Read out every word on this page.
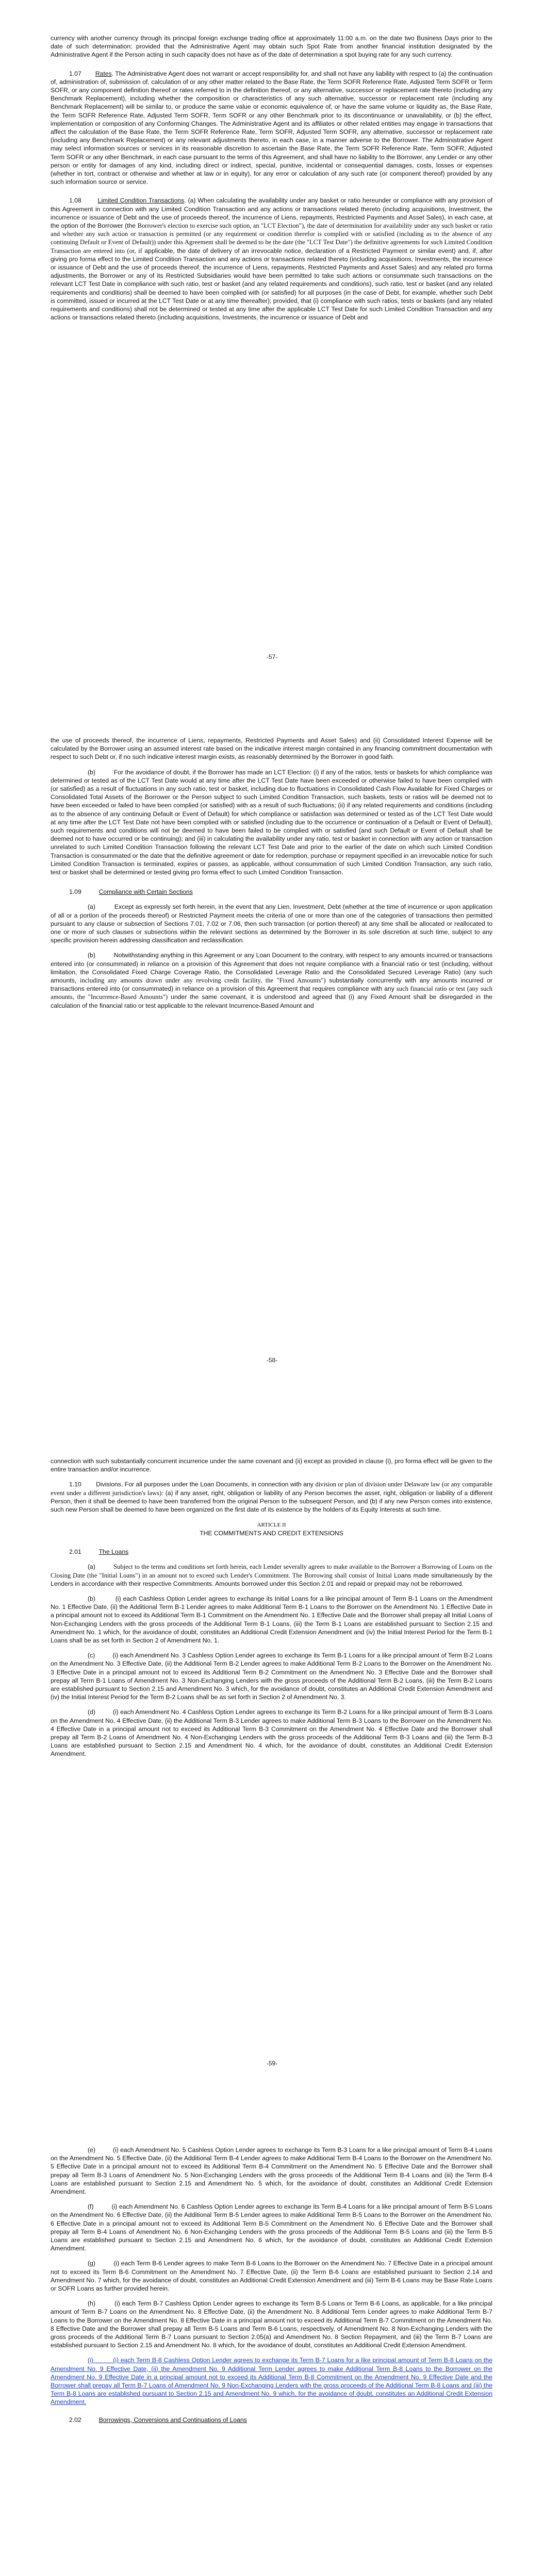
currency with another currency through its principal foreign exchange trading office at approximately 11:00 a.m. on the date two Business Days prior to the date of such determination; provided that the Administrative Agent may obtain such Spot Rate from another financial institution designated by the Administrative Agent if the Person acting in such capacity does not have as of the date of determination a spot buying rate for any such currency.

1.07 Rates. The Administrative Agent does not warrant or accept responsibility for, and shall not have any liability with respect to (a) the continuation of, administration of, submission of, calculation of or any other matter related to the Base Rate, the Term SOFR Reference Rate, Adjusted Term SOFR or Term SOFR, or any component definition thereof or rates referred to in the definition thereof, or any alternative, successor or replacement rate thereto (including any Benchmark Replacement), including whether the composition or characteristics of any such alternative, successor or replacement rate (including any Benchmark Replacement) will be similar to, or produce the same value or economic equivalence of, or have the same volume or liquidity as, the Base Rate, the Term SOFR Reference Rate, Adjusted Term SOFR, Term SOFR or any other Benchmark prior to its discontinuance or unavailability, or (b) the effect, implementation or composition of any Conforming Changes. The Administrative Agent and its affiliates or other related entities may engage in transactions that affect the calculation of the Base Rate, the Term SOFR Reference Rate, Term SOFR, Adjusted Term SOFR, any alternative, successor or replacement rate (including any Benchmark Replacement) or any relevant adjustments thereto, in each case, in a manner adverse to the Borrower. The Administrative Agent may select information sources or services in its reasonable discretion to ascertain the Base Rate, the Term SOFR Reference Rate, Term SOFR, Adjusted Term SOFR or any other Benchmark, in each case pursuant to the terms of this Agreement, and shall have no liability to the Borrower, any Lender or any other person or entity for damages of any kind, including direct or indirect, special, punitive, incidental or consequential damages, costs, losses or expenses (whether in tort, contract or otherwise and whether at law or in equity), for any error or calculation of any such rate (or component thereof) provided by any such information source or service.

1.08	Limited Condition Transactions. (a) When calculating the availability under any basket or ratio hereunder or compliance with any provision of this Agreement in connection with any Limited Condition Transaction and any actions or transactions related thereto (including acquisitions, Investment, the incurrence or issuance of Debt and the use of proceeds thereof, the incurrence of Liens, repayments, Restricted Payments and Asset Sales), in each case, at the option of the Borrower (the Borrower's election to exercise such option, an "LCT Election"), the date of determination for availability under any such basket or ratio and whether any such action or transaction is permitted (or any requirement or condition therefor is complied with or satisfied (including as to the absence of any continuing Default or Event of Default)) under this Agreement shall be deemed to be the date (the "LCT Test Date") the definitive agreements for such Limited Condition Transaction are entered into (or, if applicable, the date of delivery of an irrevocable notice, declaration of a Restricted Payment or similar event) and, if, after giving pro forma effect to the Limited Condition Transaction and any actions or transactions related thereto (including acquisitions, Investments, the incurrence or issuance of Debt and the use of proceeds thereof, the incurrence of Liens, repayments, Restricted Payments and Asset Sales) and any related pro forma adjustments, the Borrower or any of its Restricted Subsidiaries would have been permitted to take such actions or consummate such transactions on the relevant LCT Test Date in compliance with such ratio, test or basket (and any related requirements and conditions), such ratio, test or basket (and any related requirements and conditions) shall be deemed to have been complied with (or satisfied) for all purposes (in the case of Debt, for example, whether such Debt is committed, issued or incurred at the LCT Test Date or at any time thereafter); provided, that (i) compliance with such ratios, tests or baskets (and any related requirements and conditions) shall not be determined or tested at any time after the applicable LCT Test Date for such Limited Condition Transaction and any actions or transactions related thereto (including acquisitions, Investments, the incurrence or issuance of Debt and

-57-

the use of proceeds thereof, the incurrence of Liens, repayments, Restricted Payments and Asset Sales) and (ii) Consolidated Interest Expense will be calculated by the Borrower using an assumed interest rate based on the indicative interest margin contained in any financing commitment documentation with respect to such Debt or, if no such indicative interest margin exists, as reasonably determined by the Borrower in good faith.

(b)	For the avoidance of doubt, if the Borrower has made an LCT Election: (i) if any of the ratios, tests or baskets for which compliance was determined or tested as of the LCT Test Date would at any time after the LCT Test Date have been exceeded or otherwise failed to have been complied with (or satisfied) as a result of fluctuations in any such ratio, test or basket, including due to fluctuations in Consolidated Cash Flow Available for Fixed Charges or Consolidated Total Assets of the Borrower or the Person subject to such Limited Condition Transaction, such baskets, tests or ratios will be deemed not to have been exceeded or failed to have been complied (or satisfied) with as a result of such fluctuations; (ii) if any related requirements and conditions (including as to the absence of any continuing Default or Event of Default) for which compliance or satisfaction was determined or tested as of the LCT Test Date would at any time after the LCT Test Date not have been complied with or satisfied (including due to the occurrence or continuation of a Default or Event of Default), such requirements and conditions will not be deemed to have been failed to be complied with or satisfied (and such Default or Event of Default shall be deemed not to have occurred or be continuing); and (iii) in calculating the availability under any ratio, test or basket in connection with any action or transaction unrelated to such Limited Condition Transaction following the relevant LCT Test Date and prior to the earlier of the date on which such Limited Condition Transaction is consummated or the date that the definitive agreement or date for redemption, purchase or repayment specified in an irrevocable notice for such Limited Condition Transaction is terminated, expires or passes, as applicable, without consummation of such Limited Condition Transaction, any such ratio, test or basket shall be determined or tested giving pro forma effect to such Limited Condition Transaction.

1.09	Compliance with Certain Sections

(a)	Except as expressly set forth herein, in the event that any Lien, Investment, Debt (whether at the time of incurrence or upon application of all or a portion of the proceeds thereof) or Restricted Payment meets the criteria of one or more than one of the categories of transactions then permitted pursuant to any clause or subsection of Sections 7.01, 7.02 or 7.06, then such transaction (or portion thereof) at any time shall be allocated or reallocated to one or more of such clauses or subsections within the relevant sections as determined by the Borrower in its sole discretion at such time, subject to any specific provision herein addressing classification and reclassification.

(b)	Notwithstanding anything in this Agreement or any Loan Document to the contrary, with respect to any amounts incurred or transactions entered into (or consummated) in reliance on a provision of this Agreement that does not require compliance with a financial ratio or test (including, without limitation, the Consolidated Fixed Charge Coverage Ratio, the Consolidated Leverage Ratio and the Consolidated Secured Leverage Ratio) (any such amounts, including any amounts drawn under any revolving credit facility, the "Fixed Amounts") substantially concurrently with any amounts incurred or transactions entered into (or consummated) in reliance on a provision of this Agreement that requires compliance with any such financial ratio or test (any such amounts, the "Incurrence-Based Amounts") under the same covenant, it is understood and agreed that (i) any Fixed Amount shall be disregarded in the calculation of the financial ratio or test applicable to the relevant Incurrence-Based Amount and

-58-

connection with such substantially concurrent incurrence under the same covenant and (ii) except as provided in clause (i), pro forma effect will be given to the entire transaction and/or incurrence.

1.10 Divisions. For all purposes under the Loan Documents, in connection with any division or plan of division under Delaware law (or any comparable event under a different jurisdiction's laws): (a) if any asset, right, obligation or liability of any Person becomes the asset, right, obligation or liability of a different Person, then it shall be deemed to have been transferred from the original Person to the subsequent Person, and (b) if any new Person comes into existence, such new Person shall be deemed to have been organized on the first date of its existence by the holders of its Equity Interests at such time.

ARTICLE II
THE COMMITMENTS AND CREDIT EXTENSIONS

2.01	The Loans

(a)	Subject to the terms and conditions set forth herein, each Lender severally agrees to make available to the Borrower a Borrowing of Loans on the Closing Date (the "Initial Loans") in an amount not to exceed such Lender's Commitment. The Borrowing shall consist of Initial Loans made simultaneously by the Lenders in accordance with their respective Commitments. Amounts borrowed under this Section 2.01 and repaid or prepaid may not be reborrowed.

(b)	(i) each Cashless Option Lender agrees to exchange its Initial Loans for a like principal amount of Term B-1 Loans on the Amendment No. 1 Effective Date, (ii) the Additional Term B-1 Lender agrees to make Additional Term B-1 Loans to the Borrower on the Amendment No. 1 Effective Date in a principal amount not to exceed its Additional Term B-1 Commitment on the Amendment No. 1 Effective Date and the Borrower shall prepay all Initial Loans of Non-Exchanging Lenders with the gross proceeds of the Additional Term B-1 Loans, (iii) the Term B-1 Loans are established pursuant to Section 2.15 and Amendment No. 1 which, for the avoidance of doubt, constitutes an Additional Credit Extension Amendment and (iv) the Initial Interest Period for the Term B-1 Loans shall be as set forth in Section 2 of Amendment No. 1.

(c)	(i) each Amendment No. 3 Cashless Option Lender agrees to exchange its Term B-1 Loans for a like principal amount of Term B-2 Loans on the Amendment No. 3 Effective Date, (ii) the Additional Term B-2 Lender agrees to make Additional Term B-2 Loans to the Borrower on the Amendment No. 3 Effective Date in a principal amount not to exceed its Additional Term B-2 Commitment on the Amendment No. 3 Effective Date and the Borrower shall prepay all Term B-1 Loans of Amendment No. 3 Non-Exchanging Lenders with the gross proceeds of the Additional Term B-2 Loans, (iii) the Term B-2 Loans are established pursuant to Section 2.15 and Amendment No. 3 which, for the avoidance of doubt, constitutes an Additional Credit Extension Amendment and (iv) the Initial Interest Period for the Term B-2 Loans shall be as set forth in Section 2 of Amendment No. 3.

(d)	(i) each Amendment No. 4 Cashless Option Lender agrees to exchange its Term B-2 Loans for a like principal amount of Term B-3 Loans on the Amendment No. 4 Effective Date, (ii) the Additional Term B-3 Lender agrees to make Additional Term B-3 Loans to the Borrower on the Amendment No. 4 Effective Date in a principal amount not to exceed its Additional Term B-3 Commitment on the Amendment No. 4 Effective Date and the Borrower shall prepay all Term B-2 Loans of Amendment No. 4 Non-Exchanging Lenders with the gross proceeds of the Additional Term B-3 Loans and (iii) the Term B-3 Loans are established pursuant to Section 2.15 and Amendment No. 4 which, for the avoidance of doubt, constitutes an Additional Credit Extension Amendment.

-59-

(e)	(i) each Amendment No. 5 Cashless Option Lender agrees to exchange its Term B-3 Loans for a like principal amount of Term B-4 Loans on the Amendment No. 5 Effective Date, (ii) the Additional Term B-4 Lender agrees to make Additional Term B-4 Loans to the Borrower on the Amendment No. 5 Effective Date in a principal amount not to exceed its Additional Term B-4 Commitment on the Amendment No. 5 Effective Date and the Borrower shall prepay all Term B-3 Loans of Amendment No. 5 Non-Exchanging Lenders with the gross proceeds of the Additional Term B-4 Loans and (iii) the Term B-4 Loans are established pursuant to Section 2.15 and Amendment No. 5 which, for the avoidance of doubt, constitutes an Additional Credit Extension Amendment.

(f)	(i) each Amendment No. 6 Cashless Option Lender agrees to exchange its Term B-4 Loans for a like principal amount of Term B-5 Loans on the Amendment No. 6 Effective Date, (ii) the Additional Term B-5 Lender agrees to make Additional Term B-5 Loans to the Borrower on the Amendment No. 6 Effective Date in a principal amount not to exceed its Additional Term B-5 Commitment on the Amendment No. 6 Effective Date and the Borrower shall prepay all Term B-4 Loans of Amendment No. 6 Non-Exchanging Lenders with the gross proceeds of the Additional Term B-5 Loans and (iii) the Term B-5 Loans are established pursuant to Section 2.15 and Amendment No. 6 which, for the avoidance of doubt, constitutes an Additional Credit Extension Amendment.

(g)	(i) each Term B-6 Lender agrees to make Term B-6 Loans to the Borrower on the Amendment No. 7 Effective Date in a principal amount not to exceed its Term B-6 Commitment on the Amendment No. 7 Effective Date, (ii) the Term B-6 Loans are established pursuant to Section 2.14 and Amendment No. 7 which, for the avoidance of doubt, constitutes an Additional Credit Extension Amendment and (iii) Term B-6 Loans may be Base Rate Loans or SOFR Loans as further provided herein.

(h)	(i) each Term B-7 Cashless Option Lender agrees to exchange its Term B-5 Loans or Term B-6 Loans, as applicable, for a like principal amount of Term B-7 Loans on the Amendment No. 8 Effective Date, (ii) the Amendment No. 8 Additional Term Lender agrees to make Additional Term B-7 Loans to the Borrower on the Amendment No. 8 Effective Date in a principal amount not to exceed its Additional Term B-7 Commitment on the Amendment No. 8 Effective Date and the Borrower shall prepay all Term B-5 Loans and Term B-6 Loans, respectively, of Amendment No. 8 Non-Exchanging Lenders with the gross proceeds of the Additional Term B-7 Loans pursuant to Section 2.05(a) and Amendment No. 8 Section Repayment, and (iii) the Term B-7 Loans are established pursuant to Section 2.15 and Amendment No. 8 which, for the avoidance of doubt, constitutes an Additional Credit Extension Amendment.

(i)	(i) each Term B-8 Cashless Option Lender agrees to exchange its Term B-7 Loans for a like principal amount of Term B-8 Loans on the Amendment No. 9 Effective Date, (ii) the Amendment No. 9 Additional Term Lender agrees to make Additional Term B-8 Loans to the Borrower on the Amendment No. 9 Effective Date in a principal amount not to exceed its Additional Term B-8 Commitment on the Amendment No. 9 Effective Date and the Borrower shall prepay all Term B-7 Loans of Amendment No. 9 Non-Exchanging Lenders with the gross proceeds of the Additional Term B-8 Loans and (iii) the Term B-8 Loans are established pursuant to Section 2.15 and Amendment No. 9 which, for the avoidance of doubt, constitutes an Additional Credit Extension Amendment.

2.02	Borrowings, Conversions and Continuations of Loans
